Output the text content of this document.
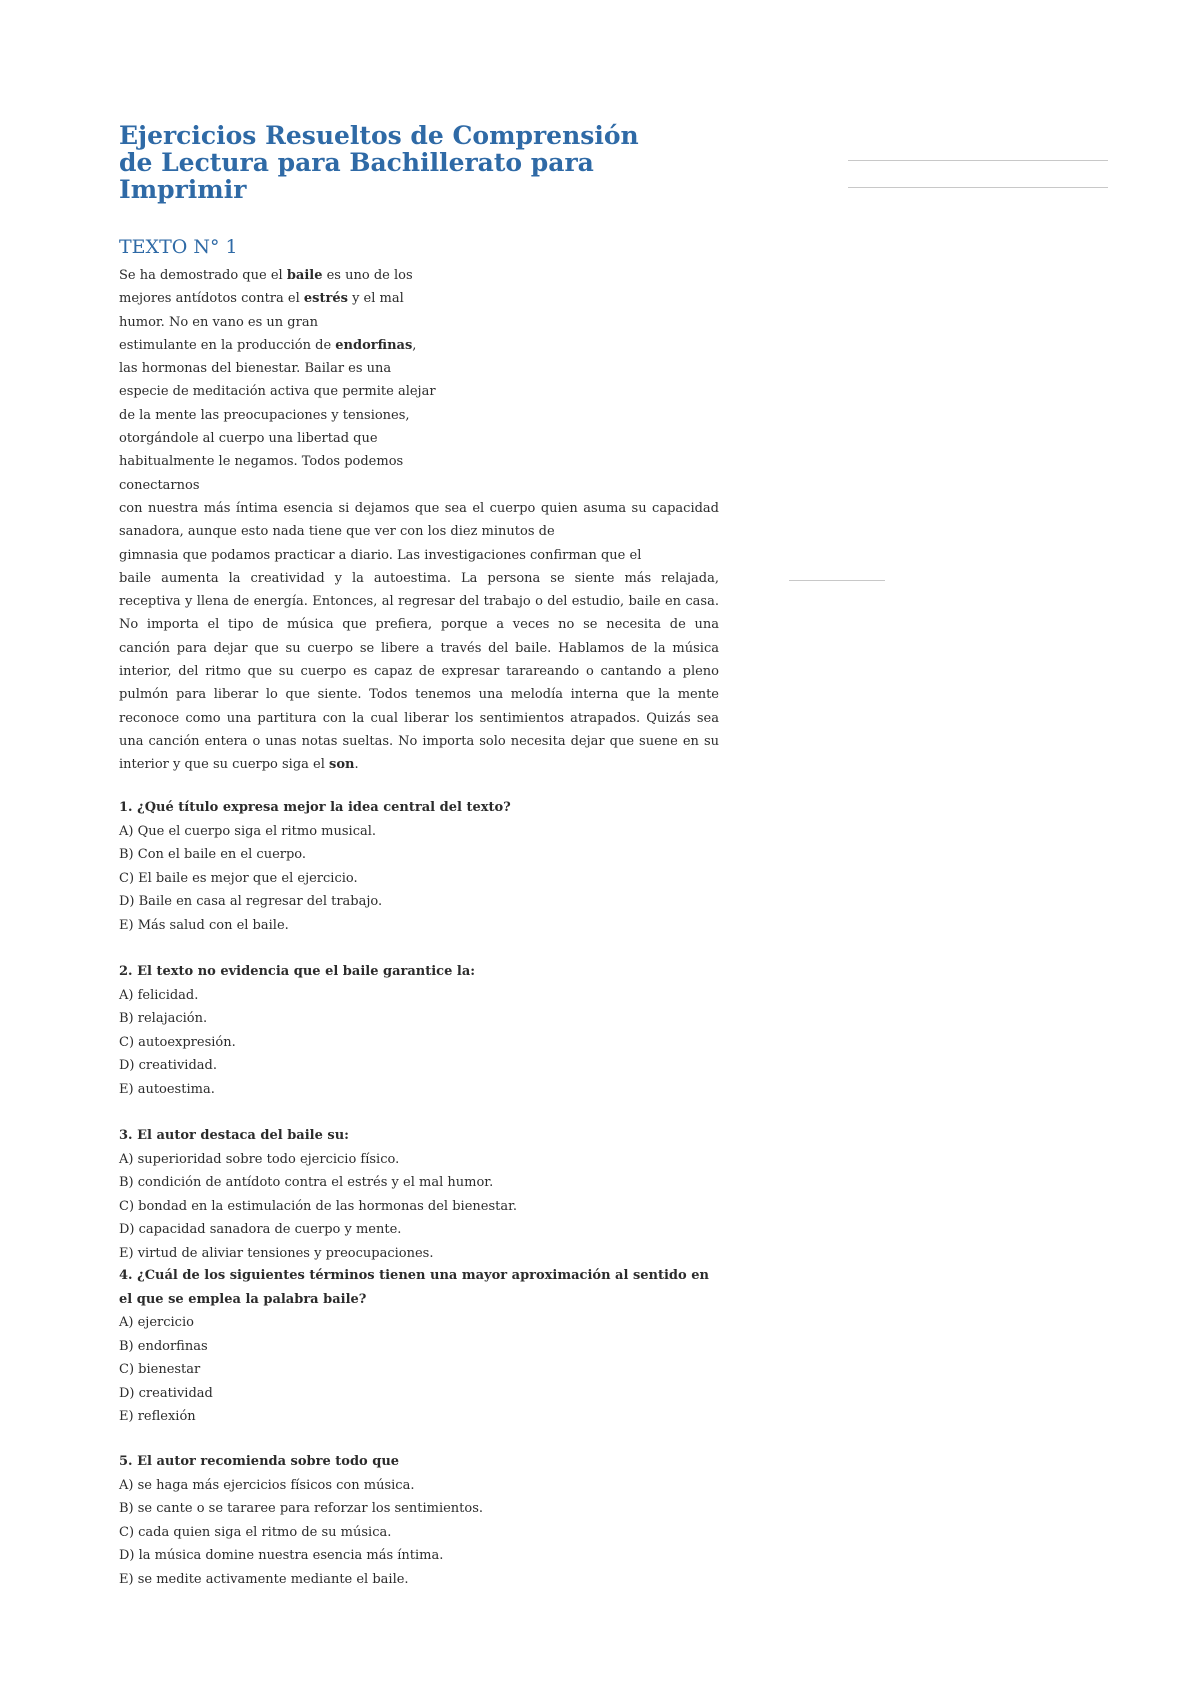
Ejercicios Resueltos de Comprensión de Lectura para Bachillerato para Imprimir
TEXTO N° 1
Se ha demostrado que el baile es uno de los
mejores antídotos contra el estrés y el mal
humor. No en vano es un gran
estimulante en la producción de endorfinas,
las hormonas del bienestar. Bailar es una
especie de meditación activa que permite alejar
de la mente las preocupaciones y tensiones,
otorgándole al cuerpo una libertad que
habitualmente le negamos. Todos podemos
conectarnos
con nuestra más íntima esencia si dejamos que sea el cuerpo quien asuma su capacidad
sanadora, aunque esto nada tiene que ver con los diez minutos de
gimnasia que podamos practicar a diario. Las investigaciones confirman que el
baile aumenta la creatividad y la autoestima. La persona se siente más relajada,
receptiva y llena de energía. Entonces, al regresar del trabajo o del estudio, baile en casa.
No importa el tipo de música que prefiera, porque a veces no se necesita de una
canción para dejar que su cuerpo se libere a través del baile. Hablamos de la música
interior, del ritmo que su cuerpo es capaz de expresar tarareando o cantando a pleno
pulmón para liberar lo que siente. Todos tenemos una melodía interna que la mente
reconoce como una partitura con la cual liberar los sentimientos atrapados. Quizás sea
una canción entera o unas notas sueltas. No importa solo necesita dejar que suene en su
interior y que su cuerpo siga el son.
1. ¿Qué título expresa mejor la idea central del texto?
A) Que el cuerpo siga el ritmo musical.
B) Con el baile en el cuerpo.
C) El baile es mejor que el ejercicio.
D) Baile en casa al regresar del trabajo.
E) Más salud con el baile.
2. El texto no evidencia que el baile garantice la:
A) felicidad.
B) relajación.
C) autoexpresión.
D) creatividad.
E) autoestima.
3. El autor destaca del baile su:
A) superioridad sobre todo ejercicio físico.
B) condición de antídoto contra el estrés y el mal humor.
C) bondad en la estimulación de las hormonas del bienestar.
D) capacidad sanadora de cuerpo y mente.
E) virtud de aliviar tensiones y preocupaciones.
4. ¿Cuál de los siguientes términos tienen una mayor aproximación al sentido en el que se emplea la palabra baile?
A) ejercicio
B) endorfinas
C) bienestar
D) creatividad
E) reflexión
5. El autor recomienda sobre todo que
A) se haga más ejercicios físicos con música.
B) se cante o se tararee para reforzar los sentimientos.
C) cada quien siga el ritmo de su música.
D) la música domine nuestra esencia más íntima.
E) se medite activamente mediante el baile.
